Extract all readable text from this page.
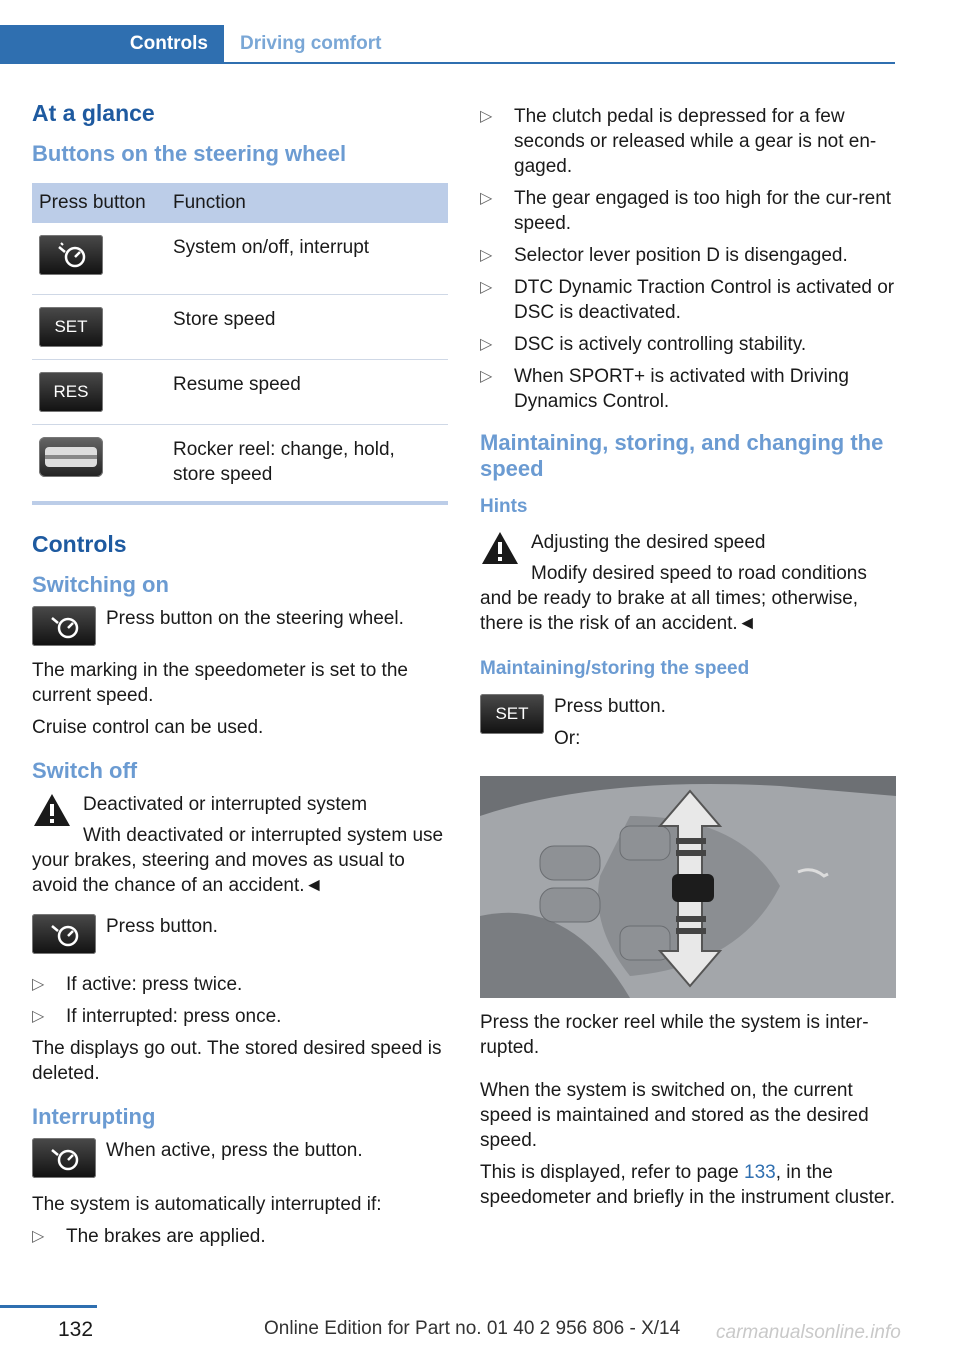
Controls	Driving comfort
At a glance
Buttons on the steering wheel
Press button	Function
	System on/off, interrupt
SET	Store speed
RES	Resume speed
	Rocker reel: change, hold, store speed
Controls
Switching on
Press button on the steering wheel.

The marking in the speedometer is set to the current speed.

Cruise control can be used.

Switch off
Deactivated or interrupted system
With deactivated or interrupted system use your brakes, steering and moves as usual to avoid the chance of an accident.◄
Press button.
▷ If active: press twice.
▷ If interrupted: press once.

The displays go out. The stored desired speed is deleted.

Interrupting
When active, press the button.

The system is automatically interrupted if:

▷ The brakes are applied.
▷ The clutch pedal is depressed for a few seconds or released while a gear is not en‐gaged.
▷ The gear engaged is too high for the cur‐rent speed.
▷ Selector lever position D is disengaged.
▷ DTC Dynamic Traction Control is activated or DSC is deactivated.
▷ DSC is actively controlling stability.
▷ When SPORT+ is activated with Driving Dynamics Control.
Maintaining, storing, and changing the speed
Hints
Adjusting the desired speed
Modify desired speed to road conditions and be ready to brake at all times; otherwise, there is the risk of an accident.◄
Maintaining/storing the speed
SET	Press button.
Or:

Press the rocker reel while the system is inter‐rupted.

When the system is switched on, the current speed is maintained and stored as the desired speed.

This is displayed, refer to page 133, in the speedometer and briefly in the instrument cluster.

132	Online Edition for Part no. 01 40 2 956 806 - X/14 carmanualsonline.info
